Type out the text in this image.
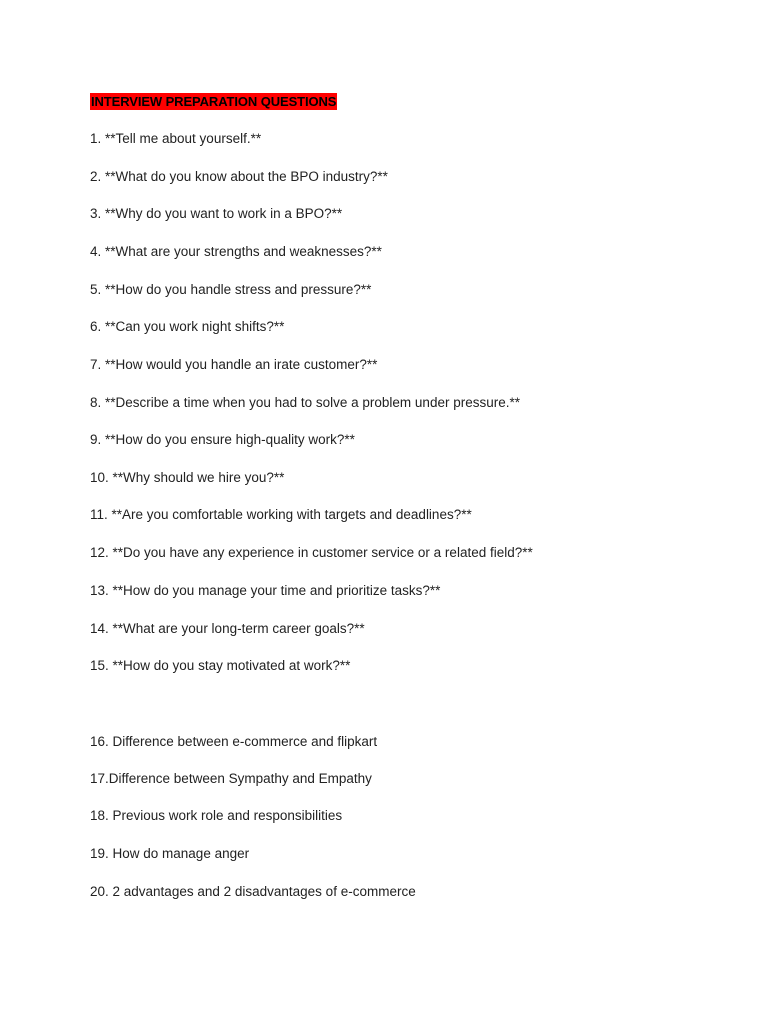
INTERVIEW PREPARATION QUESTIONS
1. **Tell me about yourself.**
2. **What do you know about the BPO industry?**
3. **Why do you want to work in a BPO?**
4. **What are your strengths and weaknesses?**
5. **How do you handle stress and pressure?**
6. **Can you work night shifts?**
7. **How would you handle an irate customer?**
8. **Describe a time when you had to solve a problem under pressure.**
9. **How do you ensure high-quality work?**
10. **Why should we hire you?**
11. **Are you comfortable working with targets and deadlines?**
12. **Do you have any experience in customer service or a related field?**
13. **How do you manage your time and prioritize tasks?**
14. **What are your long-term career goals?**
15. **How do you stay motivated at work?**
16. Difference between e-commerce and flipkart
17.Difference between Sympathy and Empathy
18. Previous work role and responsibilities
19. How do manage anger
20. 2 advantages and 2 disadvantages of e-commerce
